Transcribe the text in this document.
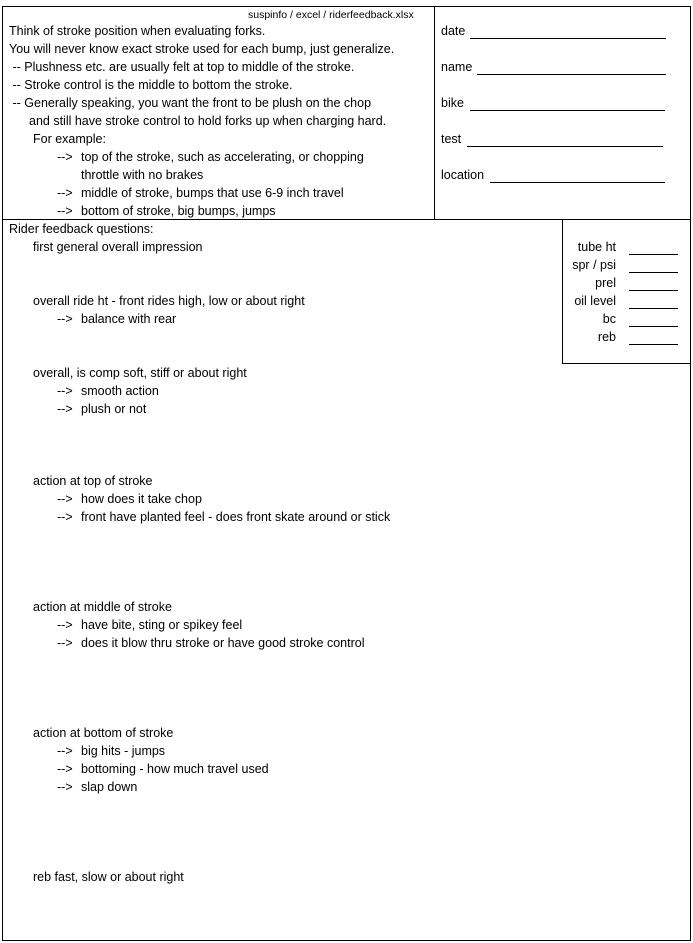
suspinfo / excel / riderfeedback.xlsx
Think of stroke position when evaluating forks.
You will never know exact stroke used for each bump, just generalize.
-- Plushness etc. are usually felt at top to middle of the stroke.
-- Stroke control is the middle to bottom the stroke.
-- Generally speaking, you want the front to be plush on the chop
and still have stroke control to hold forks up when charging hard.
For example:
--> top of the stroke, such as accelerating, or chopping
throttle with no brakes
--> middle of stroke, bumps that use 6-9 inch travel
--> bottom of stroke, big bumps, jumps
date
name
bike
test
location
tube ht
spr / psi
prel
oil level
bc
reb
Rider feedback questions:
first general overall impression
overall ride ht - front rides high, low or about right
--> balance with rear
overall, is comp soft, stiff or about right
--> smooth action
--> plush or not
action at top of stroke
--> how does it take chop
--> front have planted feel - does front skate around or stick
action at middle of stroke
--> have bite, sting or spikey feel
--> does it blow thru stroke or have good stroke control
action at bottom of stroke
--> big hits - jumps
--> bottoming - how much travel used
--> slap down
reb fast, slow or about right
